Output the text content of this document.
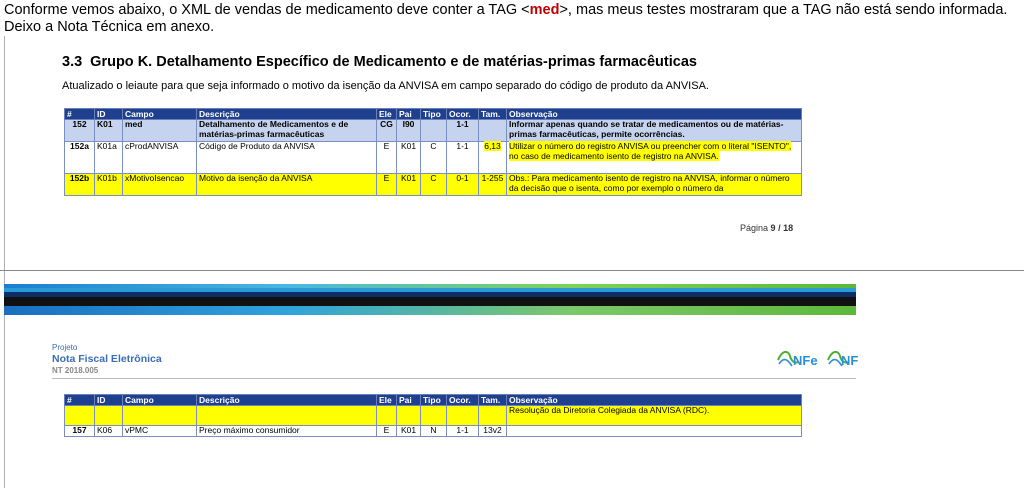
Conforme vemos abaixo, o XML de vendas de medicamento deve conter a TAG <med>, mas meus testes mostraram que a TAG não está sendo informada.
Deixo a Nota Técnica em anexo.
3.3 Grupo K. Detalhamento Específico de Medicamento e de matérias-primas farmacêuticas
Atualizado o leiaute para que seja informado o motivo da isenção da ANVISA em campo separado do código de produto da ANVISA.
#	ID	Campo	Descrição	Ele	Pai	Tipo	Ocor.	Tam.	Observação
152	K01	med	Detalhamento de Medicamentos e de matérias-primas farmacêuticas	CG	I90		1-1		Informar apenas quando se tratar de medicamentos ou de matérias-primas farmacêuticas, permite ocorrências.
152a	K01a	cProdANVISA	Código de Produto da ANVISA	E	K01	C	1-1	6,13	Utilizar o número do registro ANVISA ou preencher com o literal "ISENTO", no caso de medicamento isento de registro na ANVISA.
152b	K01b	xMotivoIsencao	Motivo da isenção da ANVISA	E	K01	C	0-1	1-255	Obs.: Para medicamento isento de registro na ANVISA, informar o número da decisão que o isenta, como por exemplo o número da
Página 9 / 18
Projeto
Nota Fiscal Eletrônica
NT 2018.005
NFe NF
#	ID	Campo	Descrição	Ele	Pai	Tipo	Ocor.	Tam.	Observação
									Resolução da Diretoria Colegiada da ANVISA (RDC).
157	K06	vPMC	Preço máximo consumidor	E	K01	N	1-1	13v2	
